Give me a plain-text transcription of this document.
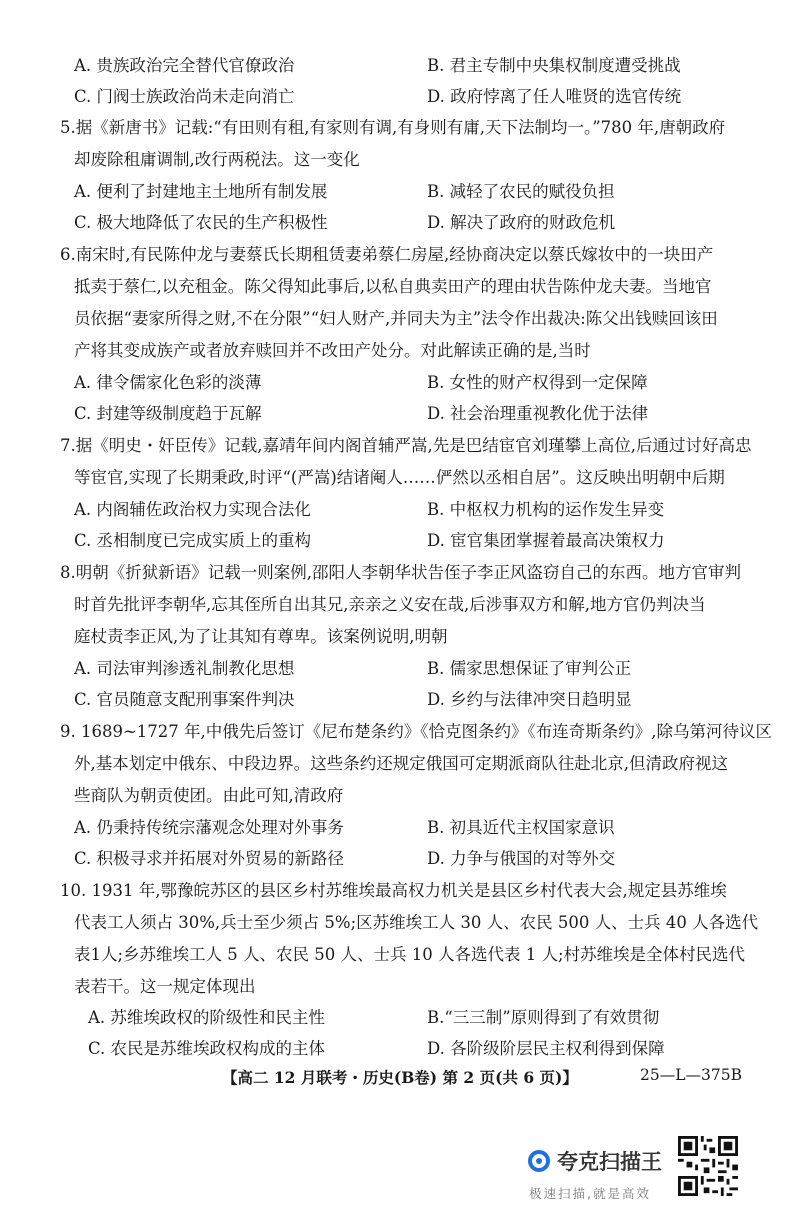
A. 贵族政治完全替代官僚政治	B. 君主专制中央集权制度遭受挑战
C. 门阀士族政治尚未走向消亡	D. 政府悖离了任人唯贤的选官传统
5.据《新唐书》记载:“有田则有租,有家则有调,有身则有庸,天下法制均一。”780 年,唐朝政府
却废除租庸调制,改行两税法。这一变化
A. 便利了封建地主土地所有制发展	B. 减轻了农民的赋役负担
C. 极大地降低了农民的生产积极性	D. 解决了政府的财政危机
6.南宋时,有民陈仲龙与妻蔡氏长期租赁妻弟蔡仁房屋,经协商决定以蔡氏嫁妆中的一块田产
抵卖于蔡仁,以充租金。陈父得知此事后,以私自典卖田产的理由状告陈仲龙夫妻。当地官
员依据“妻家所得之财,不在分限”“妇人财产,并同夫为主”法令作出裁决:陈父出钱赎回该田
产将其变成族产或者放弃赎回并不改田产处分。对此解读正确的是,当时
A. 律令儒家化色彩的淡薄	B. 女性的财产权得到一定保障
C. 封建等级制度趋于瓦解	D. 社会治理重视教化优于法律
7.据《明史・奸臣传》记载,嘉靖年间内阁首辅严嵩,先是巴结宦官刘瑾攀上高位,后通过讨好高忠
等宦官,实现了长期秉政,时评“(严嵩)结诸阉人……俨然以丞相自居”。这反映出明朝中后期
A. 内阁辅佐政治权力实现合法化	B. 中枢权力机构的运作发生异变
C. 丞相制度已完成实质上的重构	D. 宦官集团掌握着最高决策权力
8.明朝《折狱新语》记载一则案例,邵阳人李朝华状告侄子李正风盗窃自己的东西。地方官审判
时首先批评李朝华,忘其侄所自出其兄,亲亲之义安在哉,后涉事双方和解,地方官仍判决当
庭杖责李正风,为了让其知有尊卑。该案例说明,明朝
A. 司法审判渗透礼制教化思想	B. 儒家思想保证了审判公正
C. 官员随意支配刑事案件判决	D. 乡约与法律冲突日趋明显
9. 1689~1727 年,中俄先后签订《尼布楚条约》《恰克图条约》《布连奇斯条约》,除乌第河待议区
外,基本划定中俄东、中段边界。这些条约还规定俄国可定期派商队往赴北京,但清政府视这
些商队为朝贡使团。由此可知,清政府
A. 仍秉持传统宗藩观念处理对外事务	B. 初具近代主权国家意识
C. 积极寻求并拓展对外贸易的新路径	D. 力争与俄国的对等外交
10. 1931 年,鄂豫皖苏区的县区乡村苏维埃最高权力机关是县区乡村代表大会,规定县苏维埃
代表工人须占 30%,兵士至少须占 5%;区苏维埃工人 30 人、农民 500 人、士兵 40 人各选代
表1人;乡苏维埃工人 5 人、农民 50 人、士兵 10 人各选代表 1 人;村苏维埃是全体村民选代
表若干。这一规定体现出
A. 苏维埃政权的阶级性和民主性	B.“三三制”原则得到了有效贯彻
C. 农民是苏维埃政权构成的主体	D. 各阶级阶层民主权利得到保障
【高二 12 月联考・历史(B卷) 第 2 页(共 6 页)】	25—L—375B
夸克扫描王
极速扫描,就是高效
